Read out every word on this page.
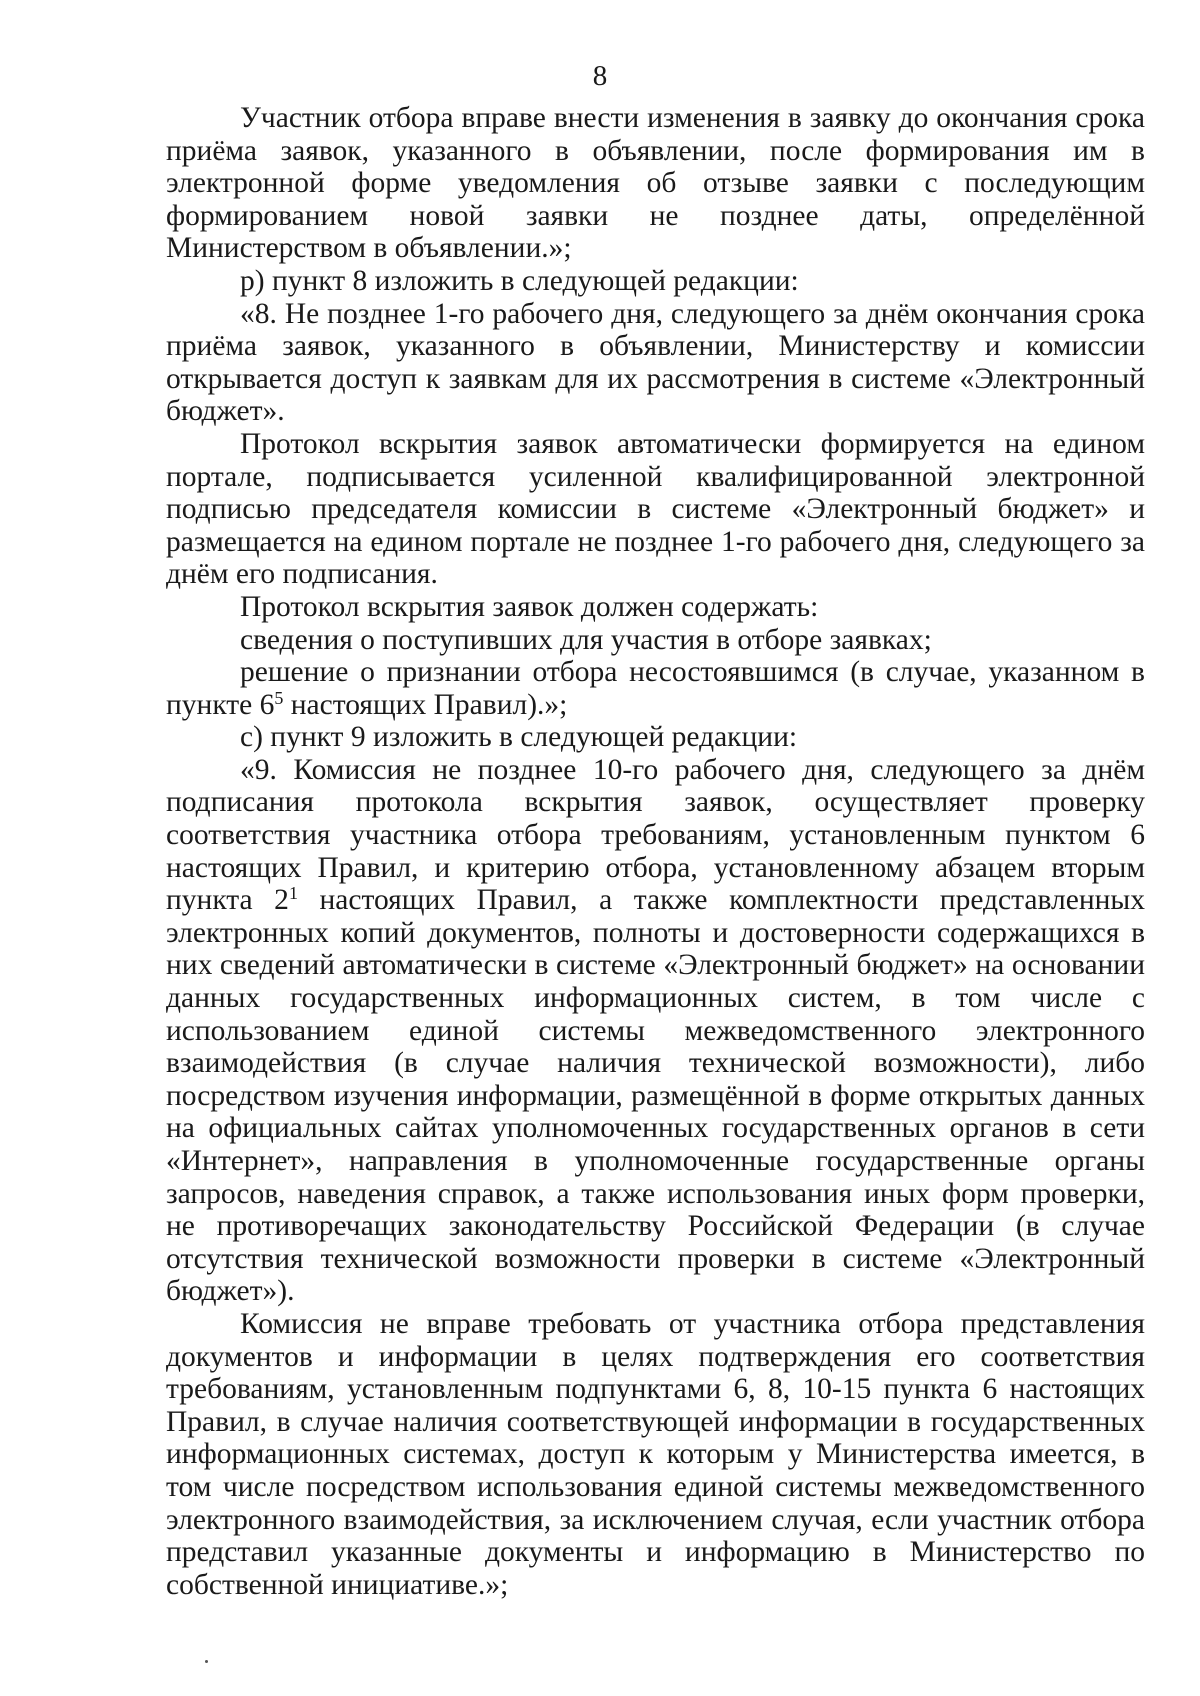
8

Участник отбора вправе внести изменения в заявку до окончания срока приёма заявок, указанного в объявлении, после формирования им в электронной форме уведомления об отзыве заявки с последующим формированием новой заявки не позднее даты, определённой Министерством в объявлении.»;

р) пункт 8 изложить в следующей редакции:

«8. Не позднее 1-го рабочего дня, следующего за днём окончания срока приёма заявок, указанного в объявлении, Министерству и комиссии открывается доступ к заявкам для их рассмотрения в системе «Электронный бюджет».

Протокол вскрытия заявок автоматически формируется на едином портале, подписывается усиленной квалифицированной электронной подписью председателя комиссии в системе «Электронный бюджет» и размещается на едином портале не позднее 1-го рабочего дня, следующего за днём его подписания.

Протокол вскрытия заявок должен содержать:

сведения о поступивших для участия в отборе заявках;

решение о признании отбора несостоявшимся (в случае, указанном в пункте $6^5$ настоящих Правил).»;

с) пункт 9 изложить в следующей редакции:

«9. Комиссия не позднее 10-го рабочего дня, следующего за днём подписания протокола вскрытия заявок, осуществляет проверку соответствия участника отбора требованиям, установленным пунктом 6 настоящих Правил, и критерию отбора, установленному абзацем вторым пункта $2^1$ настоящих Правил, а также комплектности представленных электронных копий документов, полноты и достоверности содержащихся в них сведений автоматически в системе «Электронный бюджет» на основании данных государственных информационных систем, в том числе с использованием единой системы межведомственного электронного взаимодействия (в случае наличия технической возможности), либо посредством изучения информации, размещённой в форме открытых данных на официальных сайтах уполномоченных государственных органов в сети «Интернет», направления в уполномоченные государственные органы запросов, наведения справок, а также использования иных форм проверки, не противоречащих законодательству Российской Федерации (в случае отсутствия технической возможности проверки в системе «Электронный бюджет»).

Комиссия не вправе требовать от участника отбора представления документов и информации в целях подтверждения его соответствия требованиям, установленным подпунктами 6, 8, 10-15 пункта 6 настоящих Правил, в случае наличия соответствующей информации в государственных информационных системах, доступ к которым у Министерства имеется, в том числе посредством использования единой системы межведомственного электронного взаимодействия, за исключением случая, если участник отбора представил указанные документы и информацию в Министерство по собственной инициативе.»;
